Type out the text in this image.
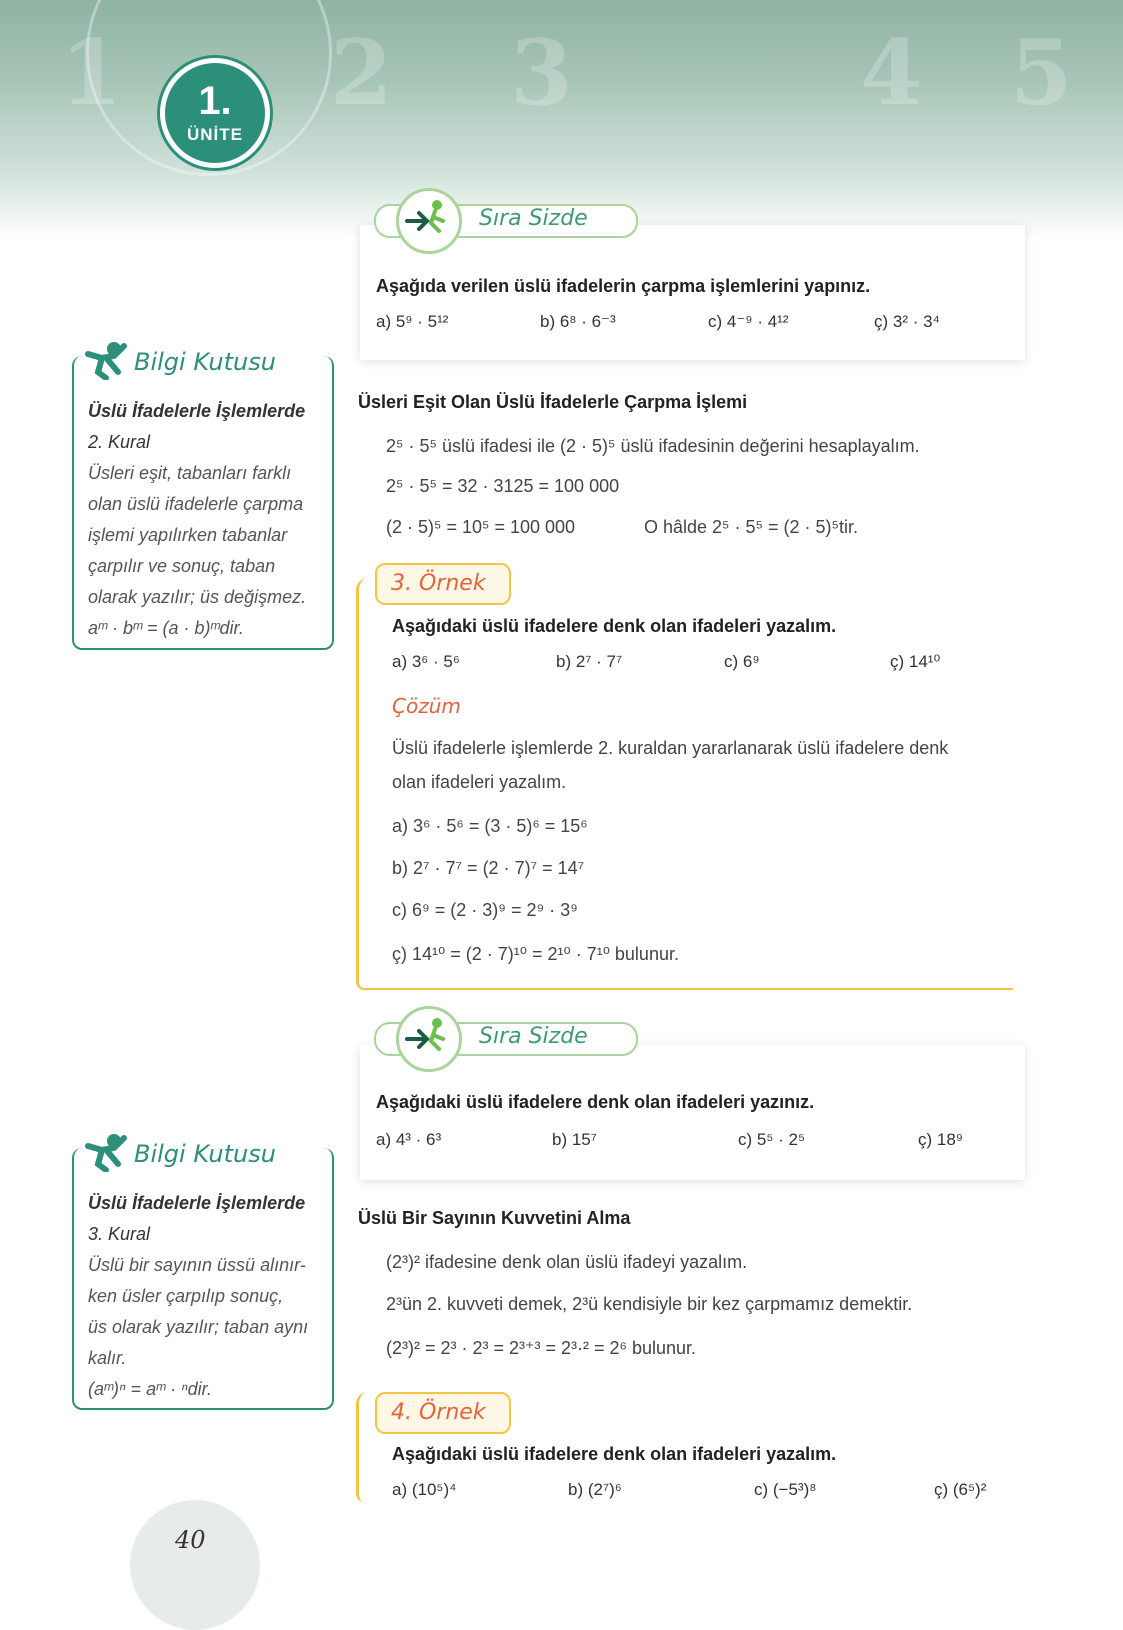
1 2 3	4 5
1.
ÜNİTE
Sıra Sizde
Aşağıda verilen üslü ifadelerin çarpma işlemlerini yapınız.
a) 5⁹ · 5¹²	b) 6⁸ · 6⁻³	c) 4⁻⁹ · 4¹²	ç) 3² · 3⁴
Bilgi Kutusu
Üslü İfadelerle İşlemlerde
2. Kural
Üsleri eşit, tabanları farklı
olan üslü ifadelerle çarpma
işlemi yapılırken tabanlar
çarpılır ve sonuç, taban
olarak yazılır; üs değişmez.
aᵐ · bᵐ = (a · b)ᵐdir.
Üsleri Eşit Olan Üslü İfadelerle Çarpma İşlemi
2⁵ · 5⁵ üslü ifadesi ile (2 · 5)⁵ üslü ifadesinin değerini hesaplayalım.
2⁵ · 5⁵ = 32 · 3125 = 100 000
(2 · 5)⁵ = 10⁵ = 100 000	O hâlde 2⁵ · 5⁵ = (2 · 5)⁵tir.
3. Örnek
Aşağıdaki üslü ifadelere denk olan ifadeleri yazalım.
a) 3⁶ · 5⁶	b) 2⁷ · 7⁷	c) 6⁹	ç) 14¹⁰
Çözüm
Üslü ifadelerle işlemlerde 2. kuraldan yararlanarak üslü ifadelere denk
olan ifadeleri yazalım.
a) 3⁶ · 5⁶ = (3 · 5)⁶ = 15⁶
b) 2⁷ · 7⁷ = (2 · 7)⁷ = 14⁷
c) 6⁹ = (2 · 3)⁹ = 2⁹ · 3⁹
ç) 14¹⁰ = (2 · 7)¹⁰ = 2¹⁰ · 7¹⁰ bulunur.
Sıra Sizde
Aşağıdaki üslü ifadelere denk olan ifadeleri yazınız.
a) 4³ · 6³	b) 15⁷	c) 5⁵ · 2⁵	ç) 18⁹
Bilgi Kutusu
Üslü İfadelerle İşlemlerde
3. Kural
Üslü bir sayının üssü alınır-
ken üsler çarpılıp sonuç,
üs olarak yazılır; taban aynı
kalır.
(aᵐ)ⁿ = aᵐ · ⁿdir.
Üslü Bir Sayının Kuvvetini Alma
(2³)² ifadesine denk olan üslü ifadeyi yazalım.
2³ün 2. kuvveti demek, 2³ü kendisiyle bir kez çarpmamız demektir.
(2³)² = 2³ · 2³ = 2³⁺³ = 2³·² = 2⁶ bulunur.
4. Örnek
Aşağıdaki üslü ifadelere denk olan ifadeleri yazalım.
a) (10⁵)⁴	b) (2⁷)⁶	c) (−5³)⁸	ç) (6⁵)²
40
